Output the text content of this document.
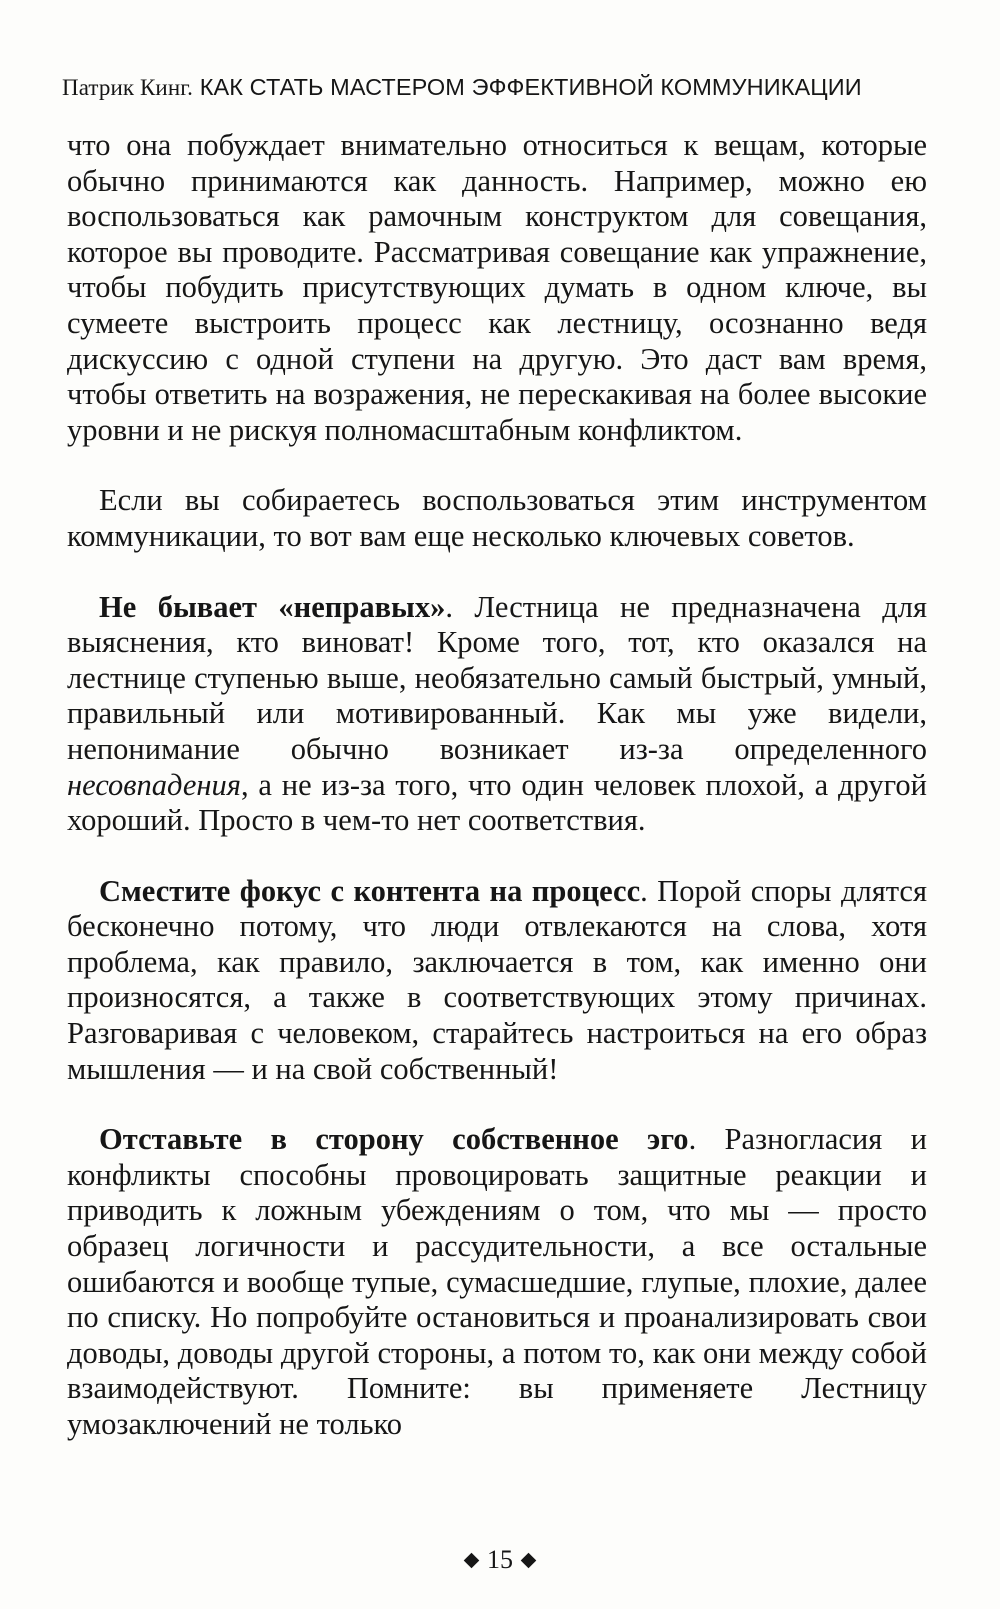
Патрик Кинг. КАК СТАТЬ МАСТЕРОМ ЭФФЕКТИВНОЙ КОММУНИКАЦИИ

что она побуждает внимательно относиться к вещам, которые обычно принимаются как данность. Например, можно ею воспользоваться как рамочным конструктом для совещания, которое вы проводите. Рассматривая совещание как упражнение, чтобы побудить присутствующих думать в одном ключе, вы сумеете выстроить процесс как лестницу, осознанно ведя дискуссию с одной ступени на другую. Это даст вам время, чтобы ответить на возражения, не перескакивая на более высокие уровни и не рискуя полномасштабным конфликтом.

Если вы собираетесь воспользоваться этим инструментом коммуникации, то вот вам еще несколько ключевых советов.

Не бывает «неправых». Лестница не предназначена для выяснения, кто виноват! Кроме того, тот, кто оказался на лестнице ступенью выше, необязательно самый быстрый, умный, правильный или мотивированный. Как мы уже видели, непонимание обычно возникает из-за определенного несовпадения, а не из-за того, что один человек плохой, а другой хороший. Просто в чем-то нет соответствия.

Сместите фокус с контента на процесс. Порой споры длятся бесконечно потому, что люди отвлекаются на слова, хотя проблема, как правило, заключается в том, как именно они произносятся, а также в соответствующих этому причинах. Разговаривая с человеком, старайтесь настроиться на его образ мышления — и на свой собственный!

Отставьте в сторону собственное эго. Разногласия и конфликты способны провоцировать защитные реакции и приводить к ложным убеждениям о том, что мы — просто образец логичности и рассудительности, а все остальные ошибаются и вообще тупые, сумасшедшие, глупые, плохие, далее по списку. Но попробуйте остановиться и проанализировать свои доводы, доводы другой стороны, а потом то, как они между собой взаимодействуют. Помните: вы применяете Лестницу умозаключений не только

15
